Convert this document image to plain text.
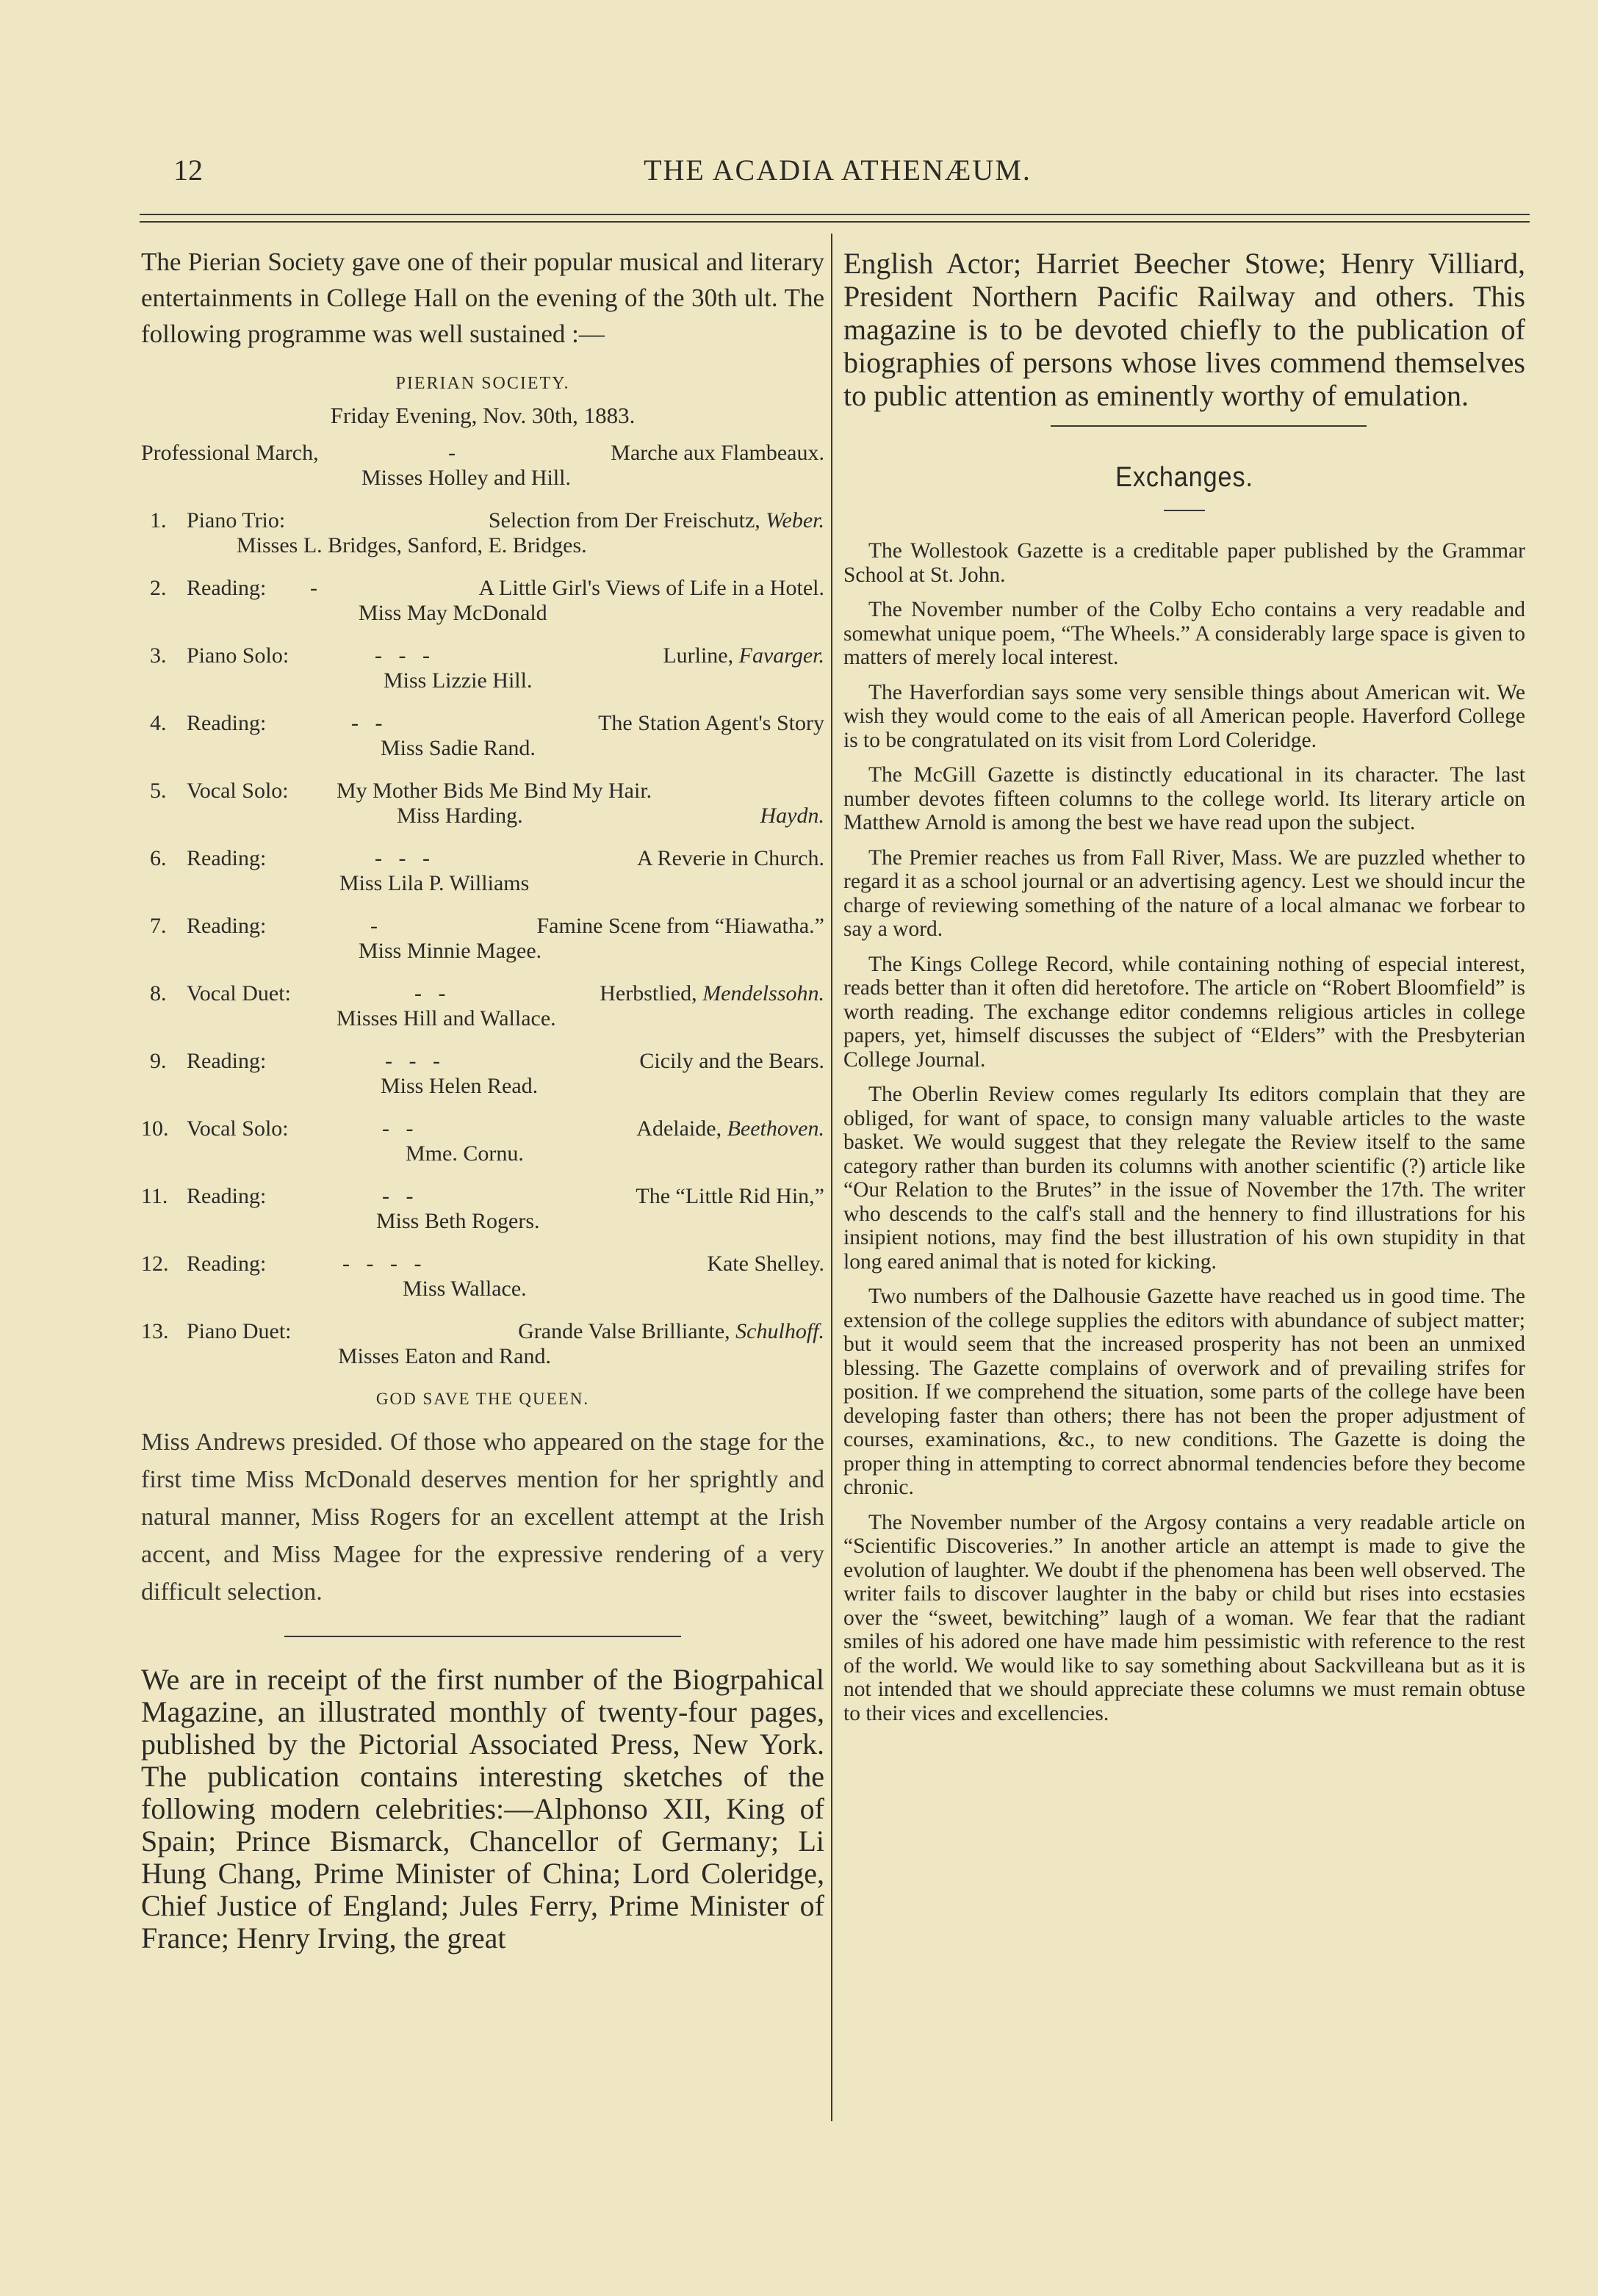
12	THE ACADIA ATHENÆUM.

The Pierian Society gave one of their popular musical and literary entertainments in College Hall on the evening of the 30th ult. The following programme was well sustained :—

PIERIAN SOCIETY.
Friday Evening, Nov. 30th, 1883.
Professional March,	-	Marche aux Flambeaux.
Misses Holley and Hill.
1. Piano Trio:	Selection from Der Freischutz, Weber.
Misses L. Bridges, Sanford, E. Bridges.
2. Reading: -	A Little Girl's Views of Life in a Hotel.
Miss May McDonald
3. Piano Solo:	-   -   -	Lurline, Favarger.
Miss Lizzie Hill.
4. Reading:	-   -	The Station Agent's Story
Miss Sadie Rand.
5. Vocal Solo: My Mother Bids Me Bind My Hair.
Miss Harding.	Haydn.
6. Reading:	-   -   -	A Reverie in Church.
Miss Lila P. Williams
7. Reading:	-	Famine Scene from “Hiawatha.”
Miss Minnie Magee.
8. Vocal Duet:	-   -	Herbstlied, Mendelssohn.
Misses Hill and Wallace.
9. Reading:	-   -   -	Cicily and the Bears.
Miss Helen Read.
10. Vocal Solo:	-   -	Adelaide, Beethoven.
Mme. Cornu.
11. Reading:	-   -	The “Little Rid Hin,”
Miss Beth Rogers.
12. Reading:	-   -   -   -	Kate Shelley.
Miss Wallace.
13. Piano Duet:	Grande Valse Brilliante, Schulhoff.
Misses Eaton and Rand.
GOD SAVE THE QUEEN.

Miss Andrews presided. Of those who appeared on the stage for the first time Miss McDonald deserves mention for her sprightly and natural manner, Miss Rogers for an excellent attempt at the Irish accent, and Miss Magee for the expressive rendering of a very difficult selection.

We are in receipt of the first number of the Biogrpahical Magazine, an illustrated monthly of twenty-four pages, published by the Pictorial Associated Press, New York. The publication contains interesting sketches of the following modern celebrities:—Alphonso XII, King of Spain; Prince Bismarck, Chancellor of Germany; Li Hung Chang, Prime Minister of China; Lord Coleridge, Chief Justice of England; Jules Ferry, Prime Minister of France; Henry Irving, the great

English Actor; Harriet Beecher Stowe; Henry Villiard, President Northern Pacific Railway and others. This magazine is to be devoted chiefly to the publication of biographies of persons whose lives commend themselves to public attention as eminently worthy of emulation.

Exchanges.

The Wollestook Gazette is a creditable paper published by the Grammar School at St. John.

The November number of the Colby Echo contains a very readable and somewhat unique poem, “The Wheels.” A considerably large space is given to matters of merely local interest.

The Haverfordian says some very sensible things about American wit. We wish they would come to the eais of all American people. Haverford College is to be congratulated on its visit from Lord Coleridge.

The McGill Gazette is distinctly educational in its character. The last number devotes fifteen columns to the college world. Its literary article on Matthew Arnold is among the best we have read upon the subject.

The Premier reaches us from Fall River, Mass. We are puzzled whether to regard it as a school journal or an advertising agency. Lest we should incur the charge of reviewing something of the nature of a local almanac we forbear to say a word.

The Kings College Record, while containing nothing of especial interest, reads better than it often did heretofore. The article on “Robert Bloomfield” is worth reading. The exchange editor condemns religious articles in college papers, yet, himself discusses the subject of “Elders” with the Presbyterian College Journal.

The Oberlin Review comes regularly Its editors complain that they are obliged, for want of space, to consign many valuable articles to the waste basket. We would suggest that they relegate the Review itself to the same category rather than burden its columns with another scientific (?) article like “Our Relation to the Brutes” in the issue of November the 17th. The writer who descends to the calf's stall and the hennery to find illustrations for his insipient notions, may find the best illustration of his own stupidity in that long eared animal that is noted for kicking.

Two numbers of the Dalhousie Gazette have reached us in good time. The extension of the college supplies the editors with abundance of subject matter; but it would seem that the increased prosperity has not been an unmixed blessing. The Gazette complains of overwork and of prevailing strifes for position. If we comprehend the situation, some parts of the college have been developing faster than others; there has not been the proper adjustment of courses, examinations, &c., to new conditions. The Gazette is doing the proper thing in attempting to correct abnormal tendencies before they become chronic.

The November number of the Argosy contains a very readable article on “Scientific Discoveries.” In another article an attempt is made to give the evolution of laughter. We doubt if the phenomena has been well observed. The writer fails to discover laughter in the baby or child but rises into ecstasies over the “sweet, bewitching” laugh of a woman. We fear that the radiant smiles of his adored one have made him pessimistic with reference to the rest of the world. We would like to say something about Sackvilleana but as it is not intended that we should appreciate these columns we must remain obtuse to their vices and excellencies.
